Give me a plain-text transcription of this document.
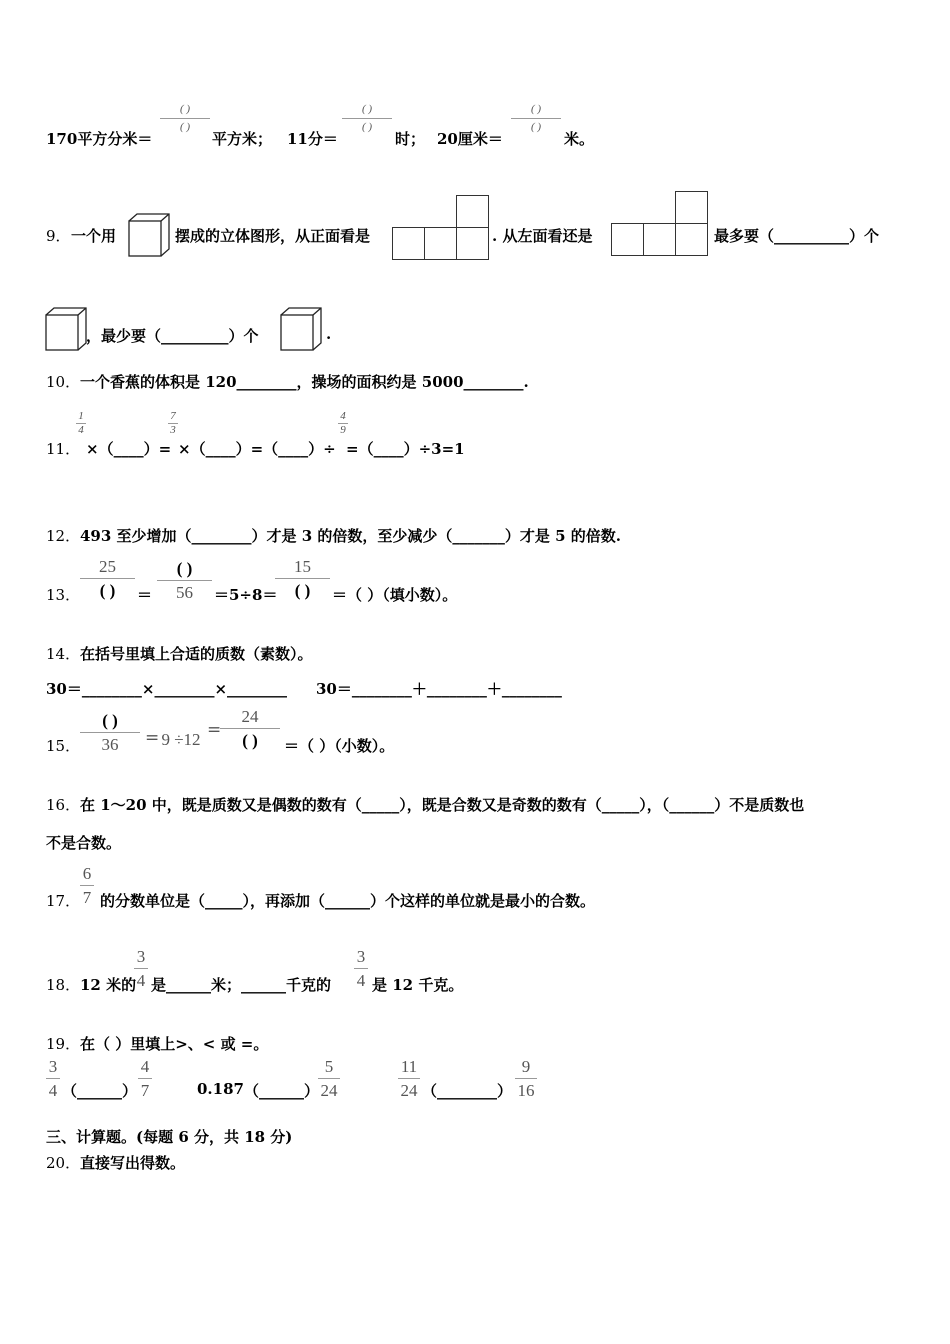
170平方分米＝
( )
( )
平方米； 11分＝
( )
( )
时； 20厘米＝
( )
( )
米。
9． 一个用	摆成的立体图形，从正面看是	. 从左面看还是	最多要（__________）个
，最少要（_________）个	.
10． 一个香蕉的体积是 120________，操场的面积约是 5000________.
11．
1
4
×（____）=
7
3
×（____）=（____）÷
4
9
=（____）÷3=1
12． 493 至少增加（________）才是 3 的倍数，至少减少（_______）才是 5 的倍数.
13．
25
( )	＝
( )
56	＝5÷8＝
15
( )	＝（ ）（填小数）。
14． 在括号里填上合适的质数（素数）。
30＝________×________×________ 30＝________＋________＋________
15．
( )
36	= 9 ÷12 =
24
( )	＝（ ）（小数）。
16． 在 1～20 中，既是质数又是偶数的数有（_____），既是合数又是奇数的数有（_____），（______）不是质数也
不是合数。
17．
6
7 的分数单位是（_____），再添加（______）个这样的单位就是最小的合数。
18． 12 米的
3
4 是______米；______千克的
3
4 是 12 千克。
19． 在（ ）里填上>、< 或 =。
3
4 （______）
4
7	0.187 （______）
5
24
11
24 （________）
9
16
三、计算题。(每题 6 分，共 18 分)
20． 直接写出得数。
